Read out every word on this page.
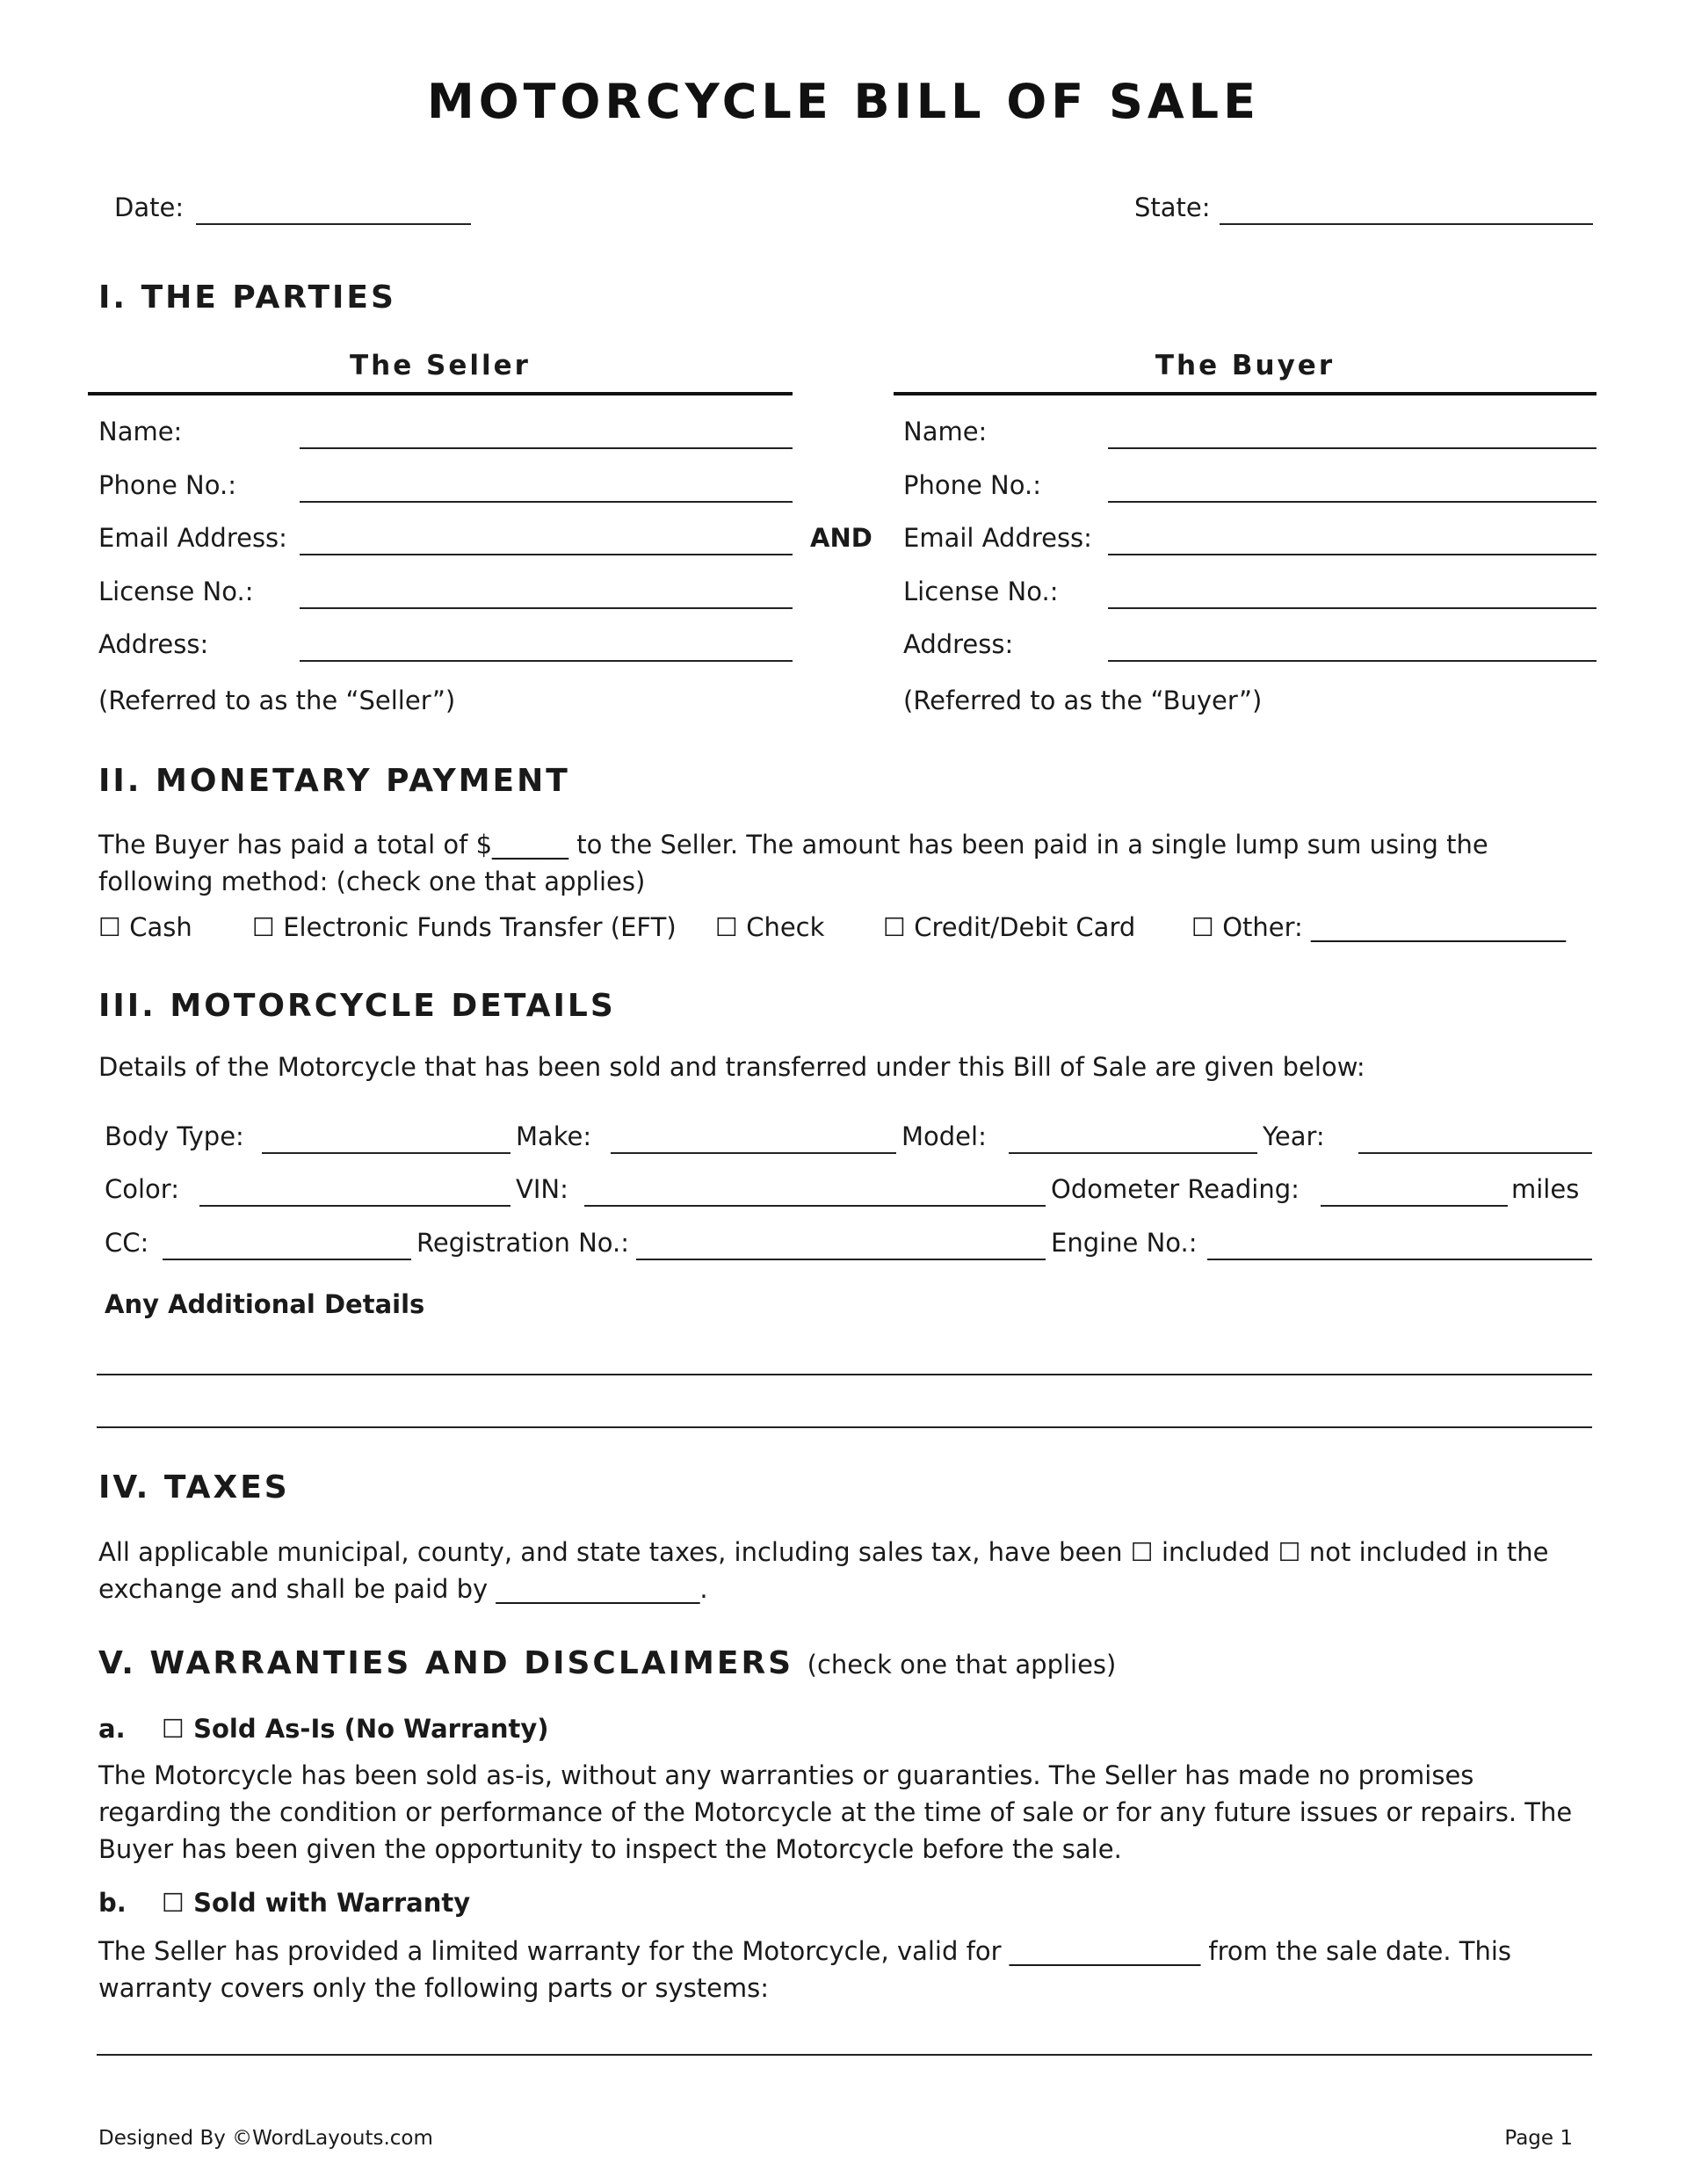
MOTORCYCLE BILL OF SALE
Date:	State:
I. THE PARTIES
The Seller	The Buyer
Name:
Phone No.:
Email Address:
License No.:
Address:
(Referred to as the “Seller”)
AND
Name:
Phone No.:
Email Address:
License No.:
Address:
(Referred to as the “Buyer”)
II. MONETARY PAYMENT
The Buyer has paid a total of $______ to the Seller. The amount has been paid in a single lump sum using the following method: (check one that applies)
☐ Cash ☐ Electronic Funds Transfer (EFT) ☐ Check ☐ Credit/Debit Card ☐ Other: ____________________
III. MOTORCYCLE DETAILS
Details of the Motorcycle that has been sold and transferred under this Bill of Sale are given below:
Body Type:	Make:	Model:	Year:
Color:	VIN:	Odometer Reading:	miles
CC:	Registration No.:	Engine No.:
Any Additional Details
IV. TAXES
All applicable municipal, county, and state taxes, including sales tax, have been ☐ included ☐ not included in the exchange and shall be paid by ________________.
V. WARRANTIES AND DISCLAIMERS (check one that applies)
a. ☐ Sold As-Is (No Warranty)
The Motorcycle has been sold as-is, without any warranties or guaranties. The Seller has made no promises regarding the condition or performance of the Motorcycle at the time of sale or for any future issues or repairs. The Buyer has been given the opportunity to inspect the Motorcycle before the sale.
b. ☐ Sold with Warranty
The Seller has provided a limited warranty for the Motorcycle, valid for _______________ from the sale date. This warranty covers only the following parts or systems:
Designed By ©WordLayouts.com	Page 1
